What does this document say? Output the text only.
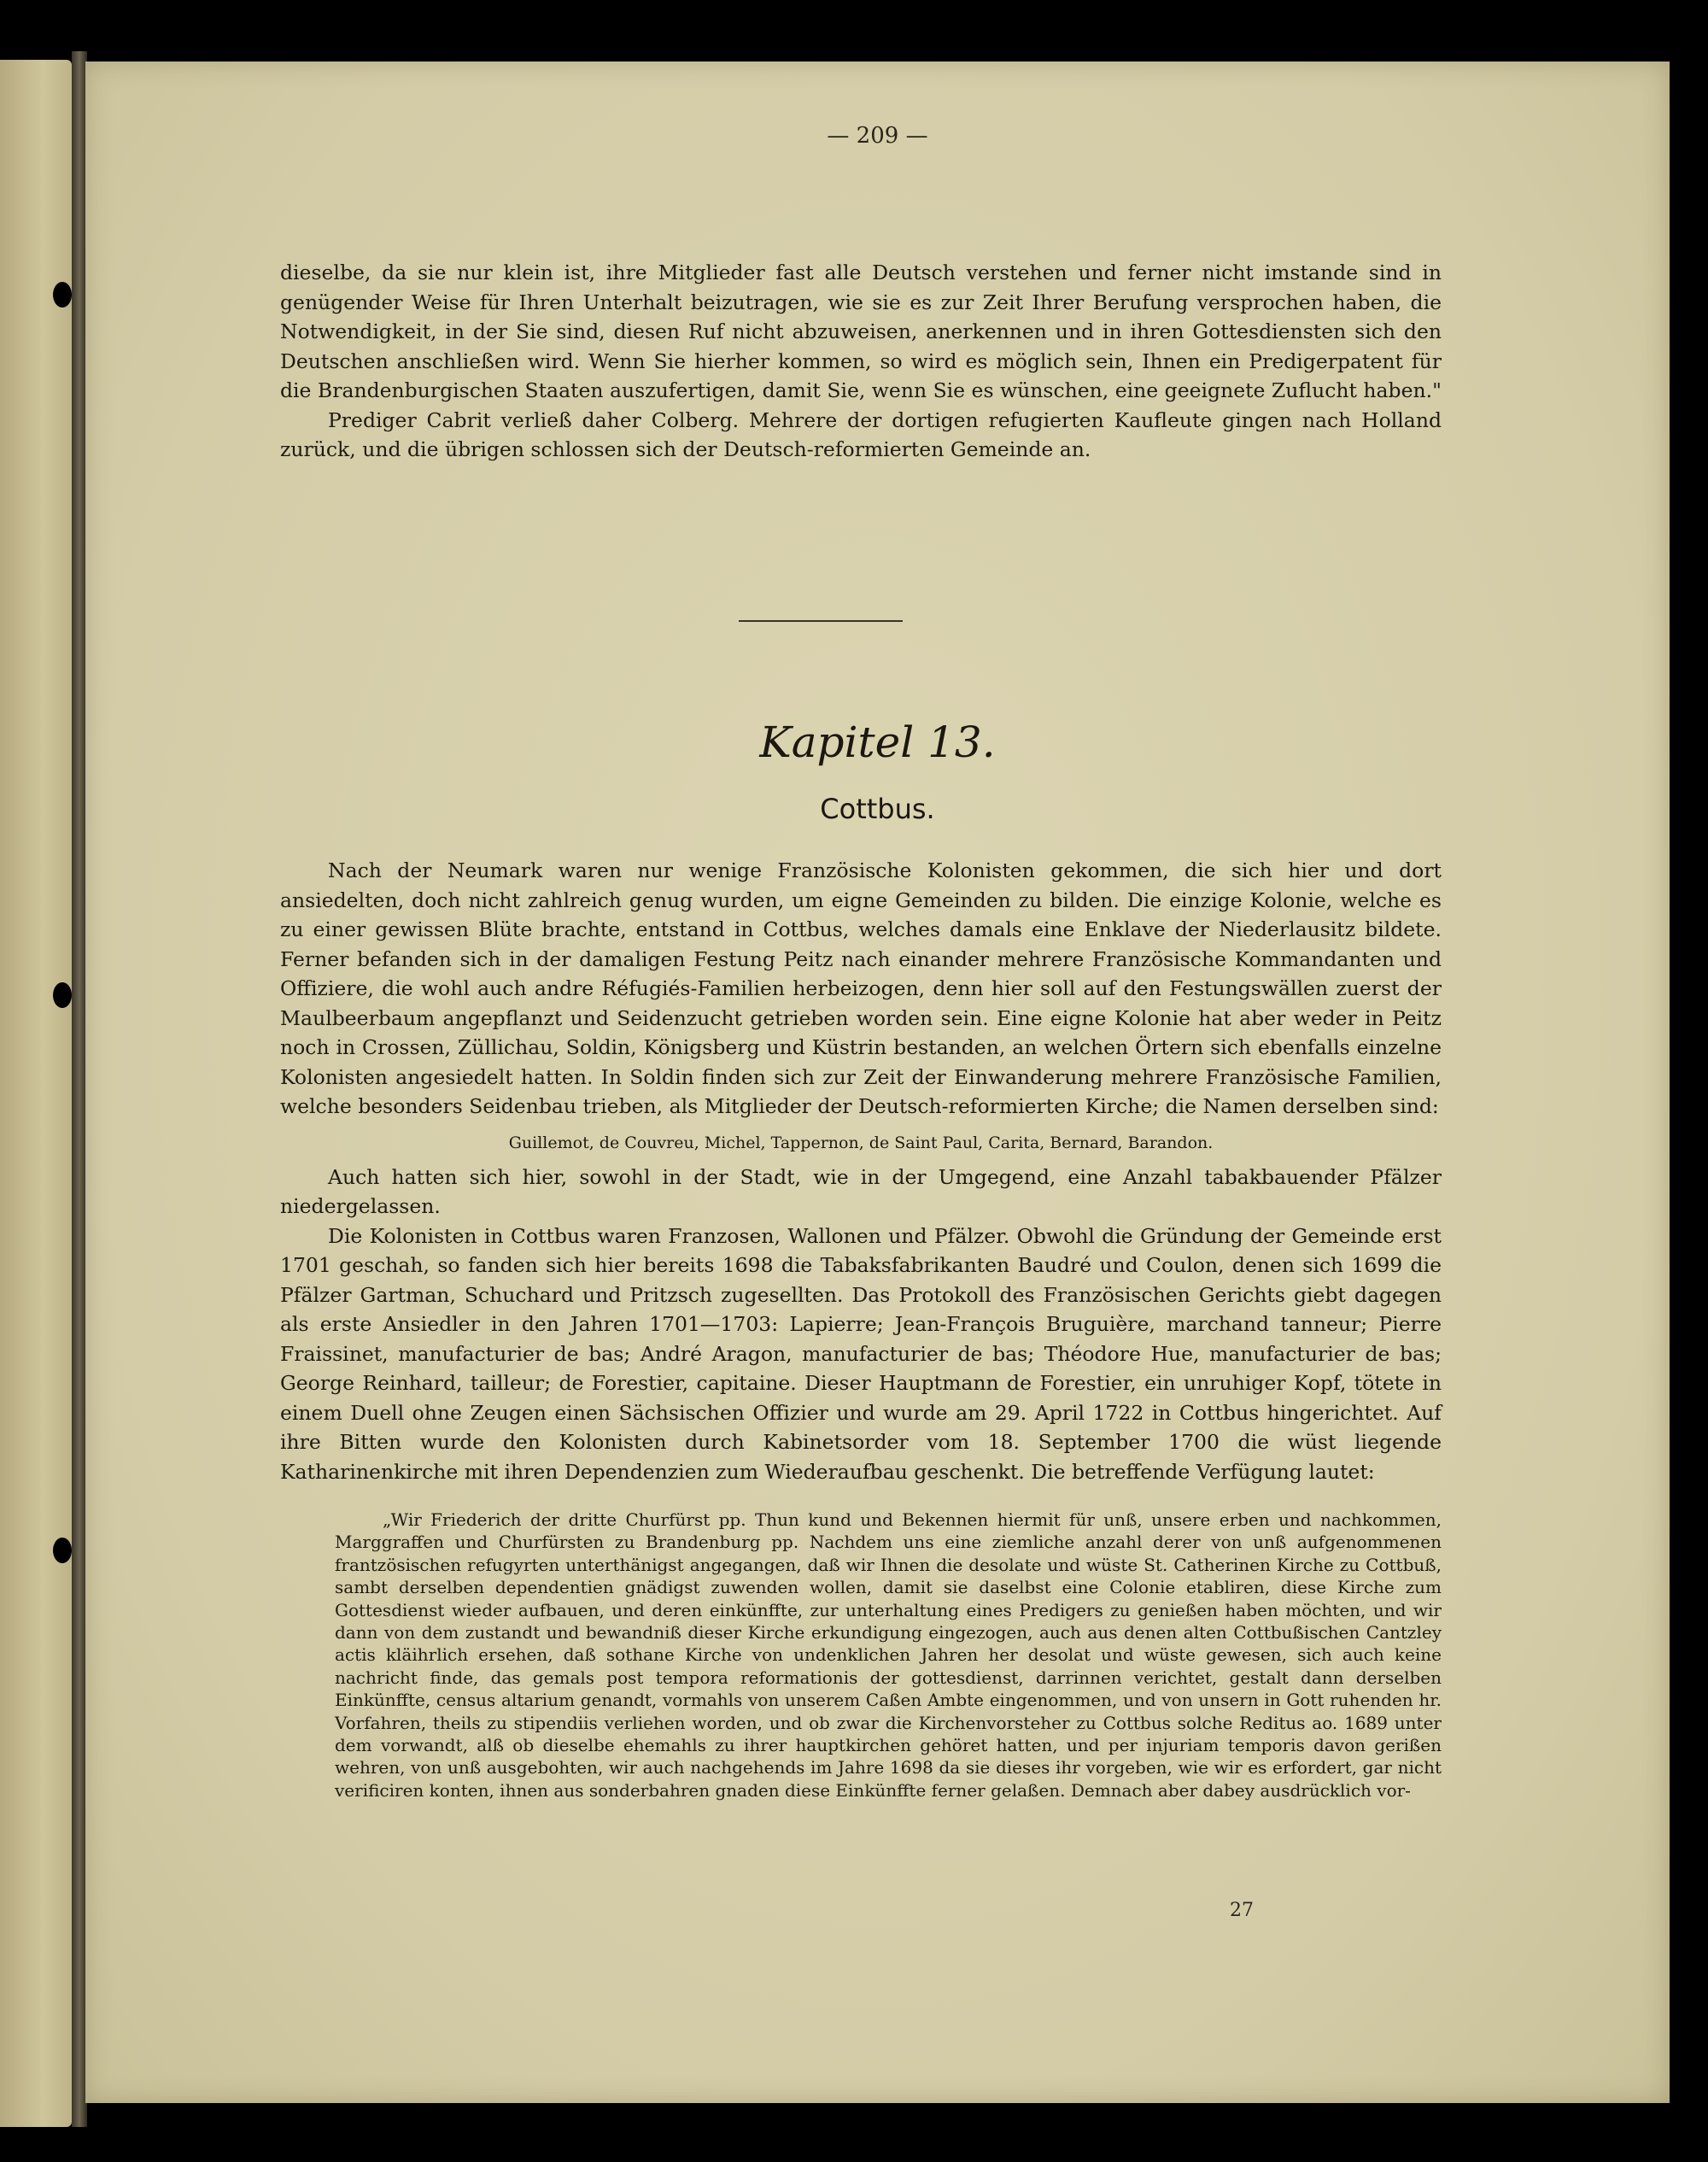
— 209 —

dieselbe, da sie nur klein ist, ihre Mitglieder fast alle Deutsch verstehen und ferner nicht imstande sind in genügender Weise für Ihren Unterhalt beizutragen, wie sie es zur Zeit Ihrer Berufung versprochen haben, die Notwendigkeit, in der Sie sind, diesen Ruf nicht abzuweisen, anerkennen und in ihren Gottesdiensten sich den Deutschen anschließen wird. Wenn Sie hierher kommen, so wird es möglich sein, Ihnen ein Predigerpatent für die Brandenburgischen Staaten auszufertigen, damit Sie, wenn Sie es wünschen, eine geeignete Zuflucht haben."

Prediger Cabrit verließ daher Colberg. Mehrere der dortigen refugierten Kaufleute gingen nach Holland zurück, und die übrigen schlossen sich der Deutsch-reformierten Gemeinde an.

Kapitel 13.
Cottbus.

Nach der Neumark waren nur wenige Französische Kolonisten gekommen, die sich hier und dort ansiedelten, doch nicht zahlreich genug wurden, um eigne Gemeinden zu bilden. Die einzige Kolonie, welche es zu einer gewissen Blüte brachte, entstand in Cottbus, welches damals eine Enklave der Niederlausitz bildete. Ferner befanden sich in der damaligen Festung Peitz nach einander mehrere Französische Kommandanten und Offiziere, die wohl auch andre Réfugiés-Familien herbeizogen, denn hier soll auf den Festungswällen zuerst der Maulbeerbaum angepflanzt und Seidenzucht getrieben worden sein. Eine eigne Kolonie hat aber weder in Peitz noch in Crossen, Züllichau, Soldin, Königsberg und Küstrin bestanden, an welchen Örtern sich ebenfalls einzelne Kolonisten angesiedelt hatten. In Soldin finden sich zur Zeit der Einwanderung mehrere Französische Familien, welche besonders Seidenbau trieben, als Mitglieder der Deutsch-reformierten Kirche; die Namen derselben sind:

Guillemot, de Couvreu, Michel, Tappernon, de Saint Paul, Carita, Bernard, Barandon.

Auch hatten sich hier, sowohl in der Stadt, wie in der Umgegend, eine Anzahl tabakbauender Pfälzer niedergelassen.

Die Kolonisten in Cottbus waren Franzosen, Wallonen und Pfälzer. Obwohl die Gründung der Gemeinde erst 1701 geschah, so fanden sich hier bereits 1698 die Tabaksfabrikanten Baudré und Coulon, denen sich 1699 die Pfälzer Gartman, Schuchard und Pritzsch zugesellten. Das Protokoll des Französischen Gerichts giebt dagegen als erste Ansiedler in den Jahren 1701—1703: Lapierre; Jean-François Bruguière, marchand tanneur; Pierre Fraissinet, manufacturier de bas; André Aragon, manufacturier de bas; Théodore Hue, manufacturier de bas; George Reinhard, tailleur; de Forestier, capitaine. Dieser Hauptmann de Forestier, ein unruhiger Kopf, tötete in einem Duell ohne Zeugen einen Sächsischen Offizier und wurde am 29. April 1722 in Cottbus hingerichtet. Auf ihre Bitten wurde den Kolonisten durch Kabinetsorder vom 18. September 1700 die wüst liegende Katharinenkirche mit ihren Dependenzien zum Wiederaufbau geschenkt. Die betreffende Verfügung lautet:

„Wir Friederich der dritte Churfürst pp. Thun kund und Bekennen hiermit für unß, unsere erben und nachkommen, Marggraffen und Churfürsten zu Brandenburg pp. Nachdem uns eine ziemliche anzahl derer von unß aufgenommenen frantzösischen refugyrten unterthänigst angegangen, daß wir Ihnen die desolate und wüste St. Catherinen Kirche zu Cottbuß, sambt derselben dependentien gnädigst zuwenden wollen, damit sie daselbst eine Colonie etabliren, diese Kirche zum Gottesdienst wieder aufbauen, und deren einkünffte, zur unterhaltung eines Predigers zu genießen haben möchten, und wir dann von dem zustandt und bewandniß dieser Kirche erkundigung eingezogen, auch aus denen alten Cottbußischen Cantzley actis kläihrlich ersehen, daß sothane Kirche von undenklichen Jahren her desolat und wüste gewesen, sich auch keine nachricht finde, das gemals post tempora reformationis der gottesdienst, darrinnen verichtet, gestalt dann derselben Einkünffte, census altarium genandt, vormahls von unserem Caßen Ambte eingenommen, und von unsern in Gott ruhenden hr. Vorfahren, theils zu stipendiis verliehen worden, und ob zwar die Kirchenvorsteher zu Cottbus solche Reditus ao. 1689 unter dem vorwandt, alß ob dieselbe ehemahls zu ihrer hauptkirchen gehöret hatten, und per injuriam temporis davon gerißen wehren, von unß ausgebohten, wir auch nachgehends im Jahre 1698 da sie dieses ihr vorgeben, wie wir es erfordert, gar nicht verificiren konten, ihnen aus sonderbahren gnaden diese Einkünffte ferner gelaßen. Demnach aber dabey ausdrücklich vor-

27
